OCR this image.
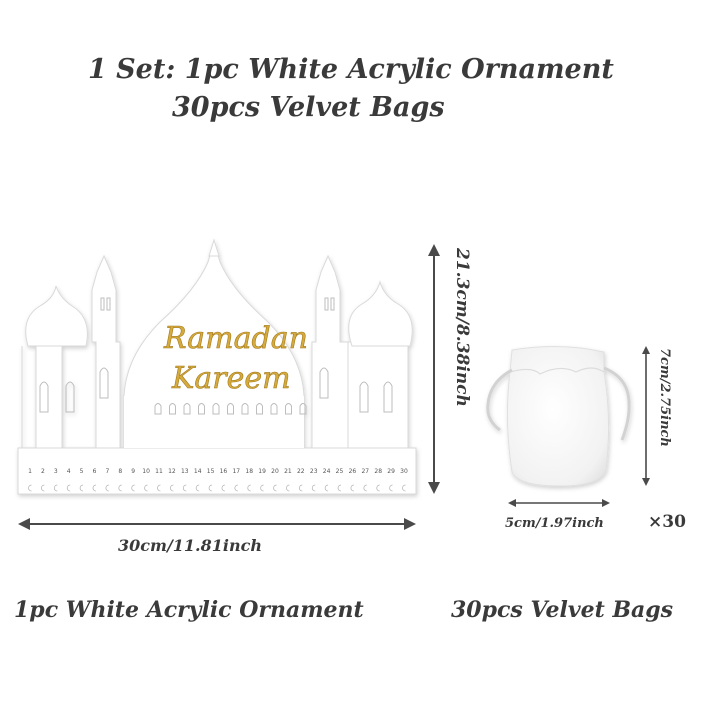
1 Set: 1pc White Acrylic Ornament
30pcs Velvet Bags
Ramadan
Kareem
1 2 3 4 5 6 7 8 9 10 11 12 13 14 15 16 17 18 19 20 21 22 23 24 25 26 27 28 29 30
30cm/11.81inch
21.3cm/8.38inch
5cm/1.97inch
7cm/2.75inch
×30
1pc White Acrylic Ornament	30pcs Velvet Bags
